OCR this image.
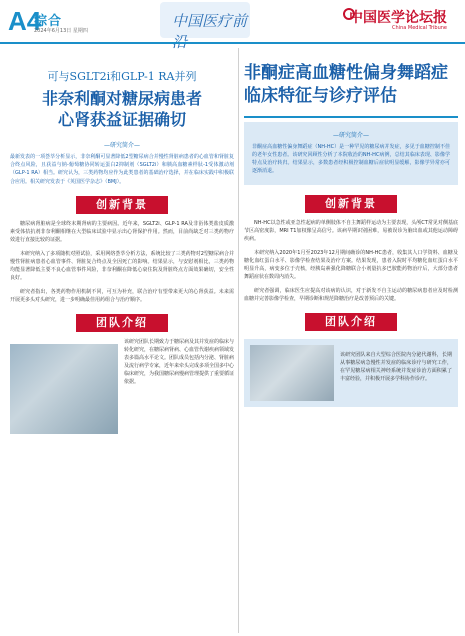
A4
综合
2024年6月13日 星期四
中国医疗前沿
中国医学论坛报
China Medical Tribune
可与SGLT2i和GLP-1 RA并列
非奈利酮对糖尿病患者
心肾获益证据确切
—研究简介—
最新发表的一项荟萃分析显示，非奈利酮可显著降低2型糖尿病合并慢性肾脏病患者的心血管和肾脏复合终点风险，且获益与钠-葡萄糖协同转运蛋白2抑制剂（SGLT2i）和胰高血糖素样肽-1受体激动剂（GLP-1 RA）相当。研究认为，三类药物均应作为此类患者的基础治疗选择，并在临床实践中积极联合应用。相关研究发表于《英国医学杂志》（BMJ）。
创新背景
糖尿病肾脏病是全球终末期肾病的主要病因。近年来，SGLT2i、GLP-1 RA及非甾体类盐皮质激素受体拮抗剂非奈利酮相继在大型临床试验中显示出心肾保护作用。然而，目前尚缺乏对三类药物疗效进行直接比较的证据。
本研究纳入了多项随机对照试验，采用网络荟萃分析方法，系统比较了三类药物对2型糖尿病合并慢性肾脏病患者心血管事件、肾脏复合终点及全因死亡的影响。结果显示，与安慰剂相比，三类药物均能显著降低主要不良心血管事件风险，非奈利酮在降低心衰住院及肾脏终点方面效果确切，安全性良好。
研究者指出，各类药物作用机制不同，可互为补充，联合治疗有望带来更大的心肾获益。未来需开展更多头对头研究，进一步明确最佳用药组合与治疗顺序。
团队介绍
该研究团队长期致力于糖尿病及其并发症的临床与转化研究，在糖尿病肾病、心血管代谢疾病领域发表多篇高水平论文。团队成员包括内分泌、肾脏病及流行病学专家，近年来牵头完成多项全国多中心临床研究，为我国糖尿病慢病管理提供了重要循证依据。
非酮症高血糖性偏身舞蹈症
临床特征与诊疗评估
—研究简介—
非酮症高血糖性偏身舞蹈症（NH-HC）是一种罕见的糖尿病并发症，多见于血糖控制不佳的老年女性患者。该研究回顾性分析了本院收治的NH-HC病例，总结其临床表现、影像学特点及治疗转归。结果显示，多数患者经积极控制血糖后症状明显缓解，影像学异常亦可逐渐消退。
创新背景
NH-HC以急性或亚急性起病的单侧肢体不自主舞蹈样运动为主要表现，头颅CT常见对侧基底节区高密度影，MRI T1加权像呈高信号。该病早期识别困难，易被误诊为脑出血或其他运动障碍疾病。
本研究纳入2020年1月至2023年12月期间确诊的NH-HC患者，收集其人口学资料、血糖及糖化血红蛋白水平、影像学检查结果及治疗方案。结果发现，患者入院时平均糖化血红蛋白水平明显升高，病变多位于壳核，经胰岛素强化降糖联合小剂量抗多巴胺能药物治疗后，大部分患者舞蹈症状在数周内消失。
研究者强调，临床医生应提高对该病的认识，对于新发不自主运动的糖尿病患者应及时检测血糖并完善影像学检查，早期诊断和规范降糖治疗是改善预后的关键。
团队介绍
该研究团队来自大型综合医院内分泌代谢科，长期从事糖尿病急慢性并发症的临床诊疗与研究工作，在罕见糖尿病相关神经系统并发症诊治方面积累了丰富经验，并积极开展多学科协作诊疗。
